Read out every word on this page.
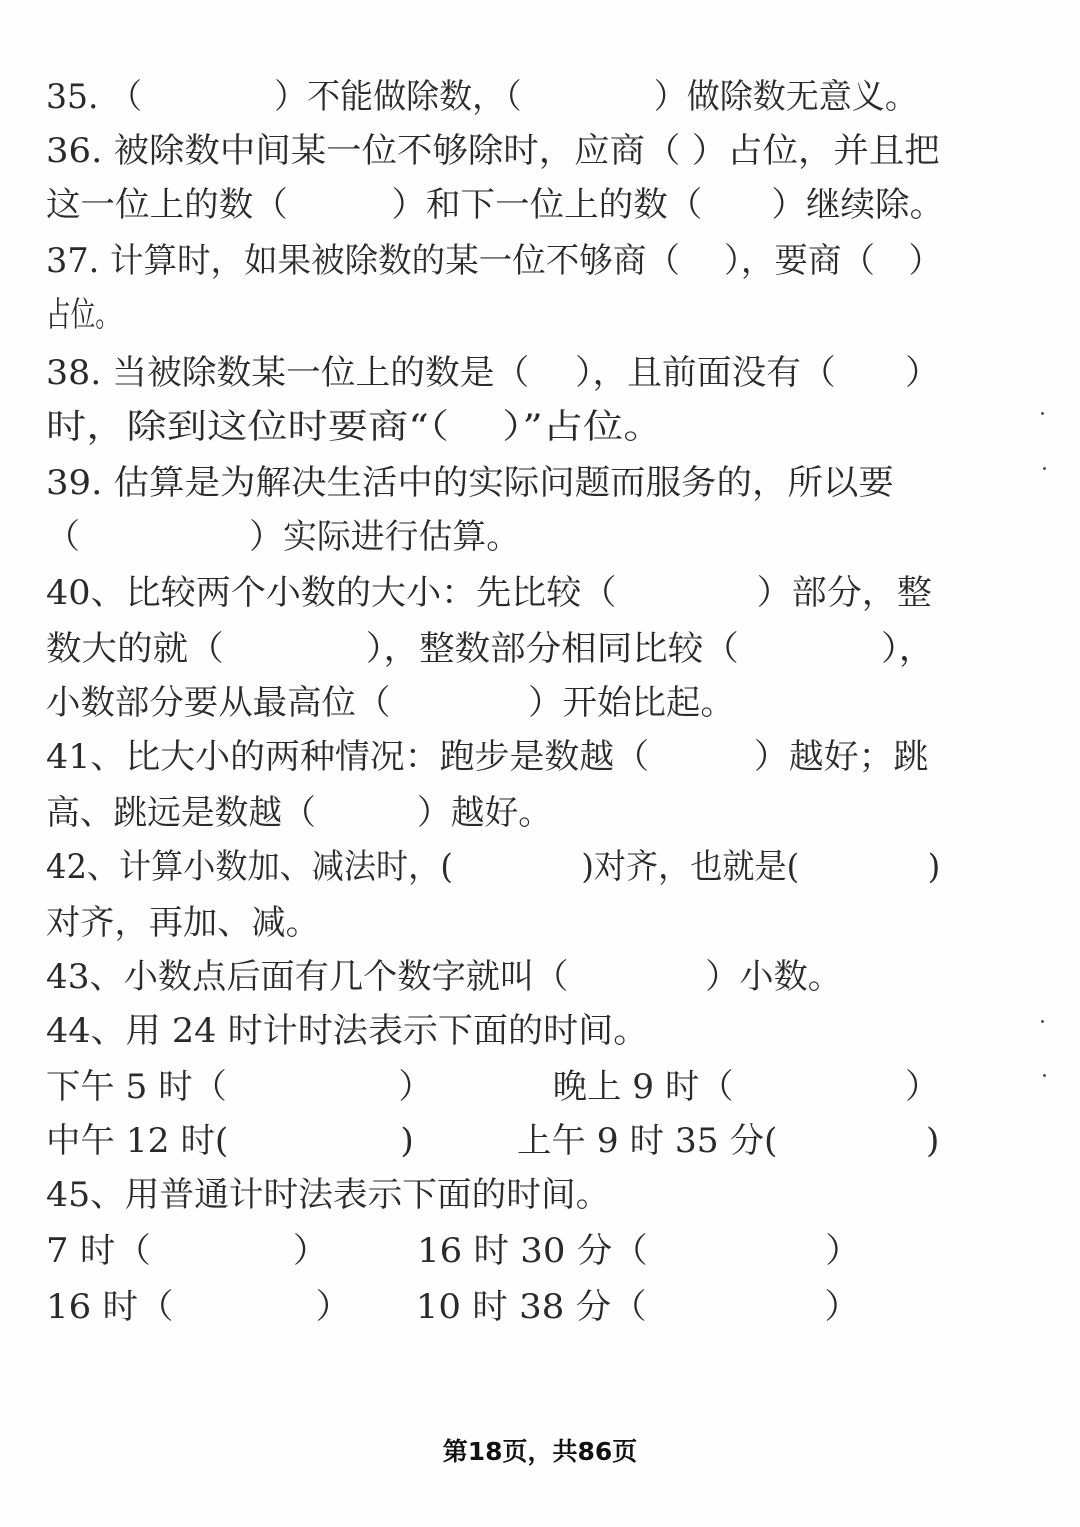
35. （　　　　）不能做除数，（　　　　）做除数无意义。
36. 被除数中间某一位不够除时，应商（ ）占位，并且把
这一位上的数（　　　）和下一位上的数（　　）继续除。
37. 计算时，如果被除数的某一位不够商（　 ），要商（　）
占位。
38. 当被除数某一位上的数是（　 ），且前面没有（　　）
时，除到这位时要商“（　 ）”占位。
39. 估算是为解决生活中的实际问题而服务的，所以要
（　　　　　）实际进行估算。
40、比较两个小数的大小：先比较（　　　　）部分，整
数大的就（　　　　），整数部分相同比较（　　　　），
小数部分要从最高位（　　　　）开始比起。
41、比大小的两种情况：跑步是数越（　　　）越好；跳
高、跳远是数越（　　　）越好。
42、计算小数加、减法时，(　　　　)对齐，也就是(　　　　)
对齐，再加、减。
43、小数点后面有几个数字就叫（　　　　）小数。
44、用 24 时计时法表示下面的时间。
下午 5 时（　　　　　）　　　　晚上 9 时（　　　　　）
中午 12 时(　　　　　)　　　上午 9 时 35 分(　　　　 )
45、用普通计时法表示下面的时间。
7 时（　　　　）　　　16 时 30 分（　　　　　）
16 时（　　　　）　　 10 时 38 分（　　　　　）
第18页，共86页
